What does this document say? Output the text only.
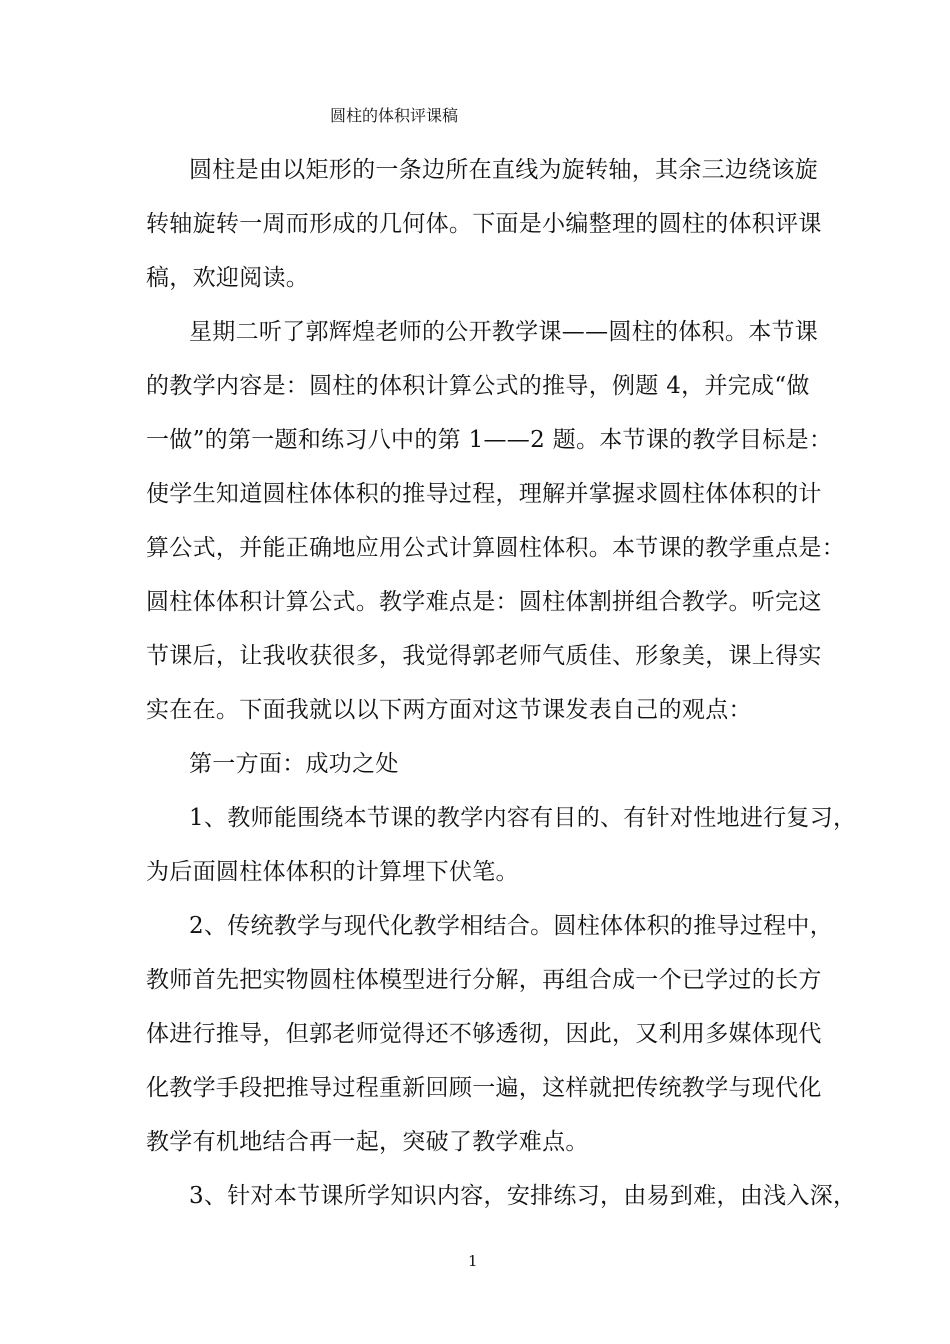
圆柱的体积评课稿
圆柱是由以矩形的一条边所在直线为旋转轴，其余三边绕该旋
转轴旋转一周而形成的几何体。下面是小编整理的圆柱的体积评课
稿，欢迎阅读。
星期二听了郭辉煌老师的公开教学课——圆柱的体积。本节课
的教学内容是：圆柱的体积计算公式的推导，例题 4，并完成“做
一做”的第一题和练习八中的第 1——2 题。本节课的教学目标是：
使学生知道圆柱体体积的推导过程，理解并掌握求圆柱体体积的计
算公式，并能正确地应用公式计算圆柱体积。本节课的教学重点是：
圆柱体体积计算公式。教学难点是：圆柱体割拼组合教学。听完这
节课后，让我收获很多，我觉得郭老师气质佳、形象美，课上得实
实在在。下面我就以以下两方面对这节课发表自己的观点：
第一方面：成功之处
1、教师能围绕本节课的教学内容有目的、有针对性地进行复习，
为后面圆柱体体积的计算埋下伏笔。
2、传统教学与现代化教学相结合。圆柱体体积的推导过程中，
教师首先把实物圆柱体模型进行分解，再组合成一个已学过的长方
体进行推导，但郭老师觉得还不够透彻，因此，又利用多媒体现代
化教学手段把推导过程重新回顾一遍，这样就把传统教学与现代化
教学有机地结合再一起，突破了教学难点。
3、针对本节课所学知识内容，安排练习，由易到难，由浅入深，
1
